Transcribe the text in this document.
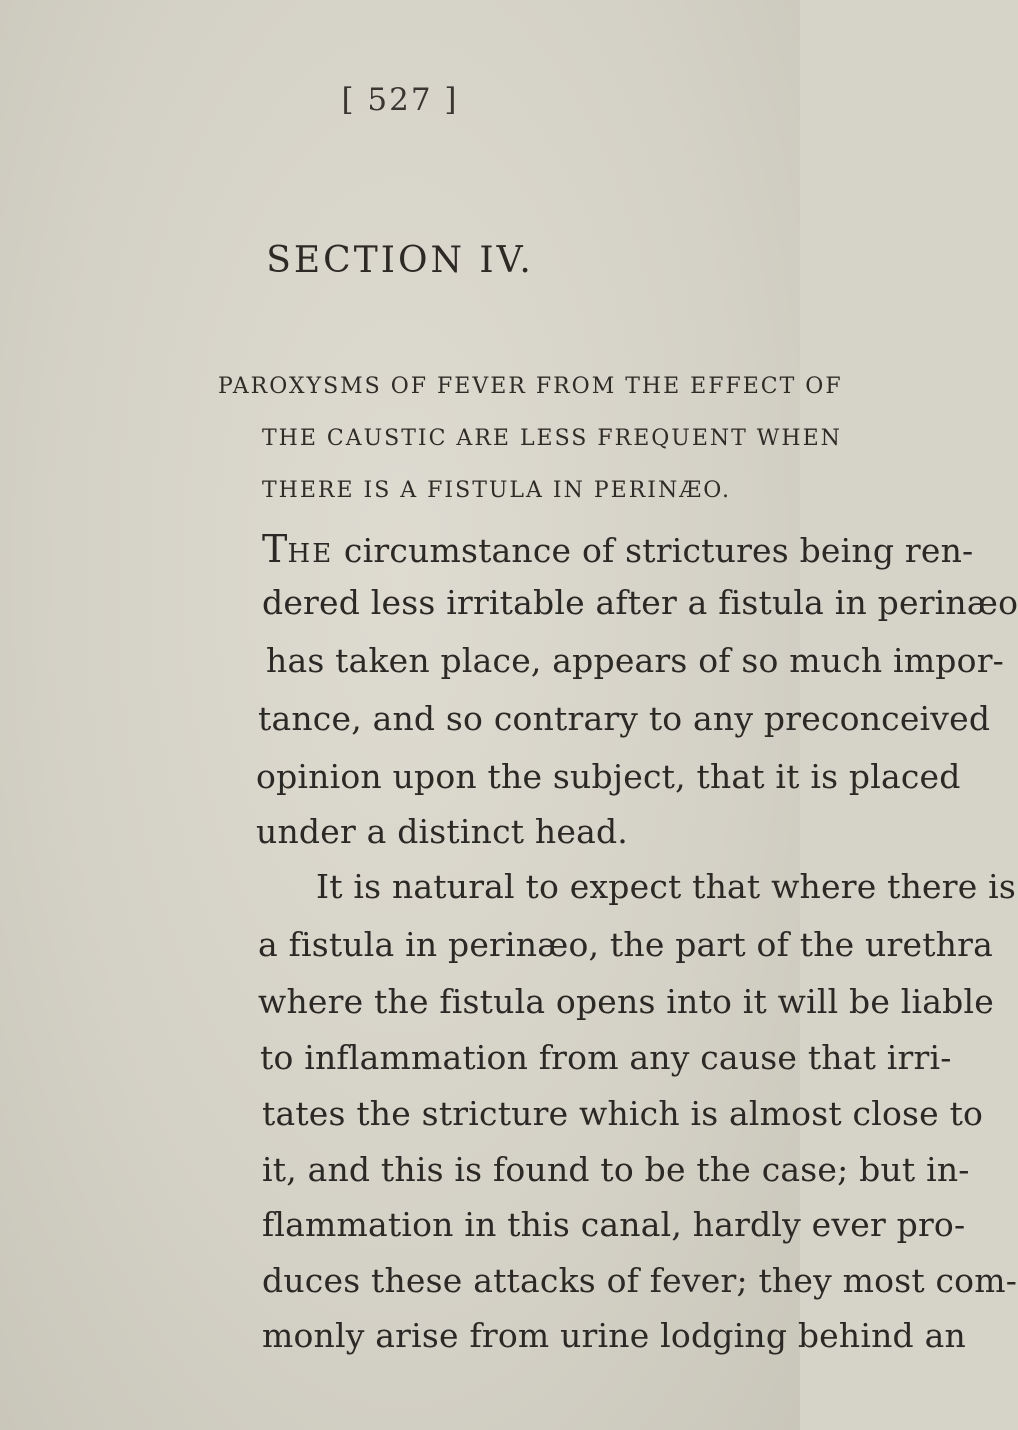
[ 527 ]
SECTION IV.
PAROXYSMS OF FEVER FROM THE EFFECT OF
THE CAUSTIC ARE LESS FREQUENT WHEN
THERE IS A FISTULA IN PERINÆO.
THE circumstance of strictures being ren-
dered less irritable after a fistula in perinæo
has taken place, appears of so much impor-
tance, and so contrary to any preconceived
opinion upon the subject, that it is placed
under a distinct head.
It is natural to expect that where there is
a fistula in perinæo, the part of the urethra
where the fistula opens into it will be liable
to inflammation from any cause that irri-
tates the stricture which is almost close to
it, and this is found to be the case; but in-
flammation in this canal, hardly ever pro-
duces these attacks of fever; they most com-
monly arise from urine lodging behind an
